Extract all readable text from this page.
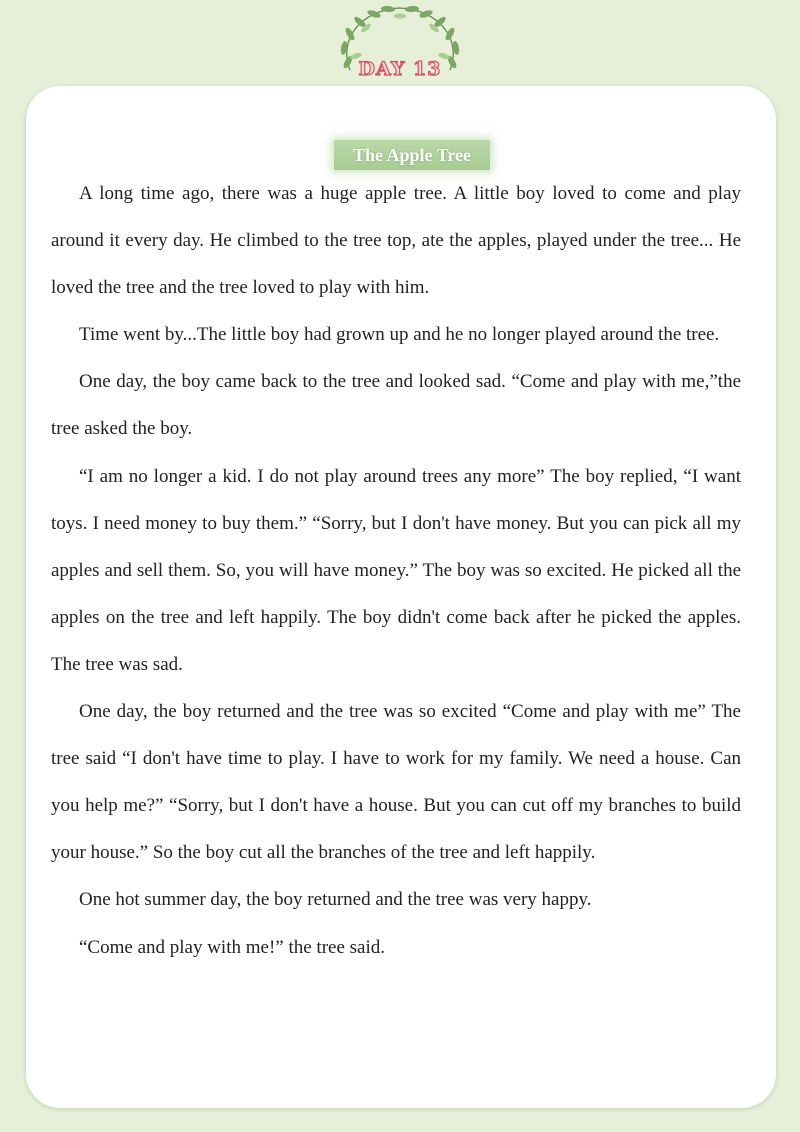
DAY 13
The Apple Tree

A long time ago, there was a huge apple tree. A little boy loved to come and play around it every day. He climbed to the tree top, ate the apples, played under the tree... He loved the tree and the tree loved to play with him.

Time went by...The little boy had grown up and he no longer played around the tree.

One day, the boy came back to the tree and looked sad. “Come and play with me,”the tree asked the boy.

“I am no longer a kid. I do not play around trees any more” The boy replied, “I want toys. I need money to buy them.” “Sorry, but I don't have money. But you can pick all my apples and sell them. So, you will have money.” The boy was so excited. He picked all the apples on the tree and left happily. The boy didn't come back after he picked the apples. The tree was sad.

One day, the boy returned and the tree was so excited “Come and play with me” The tree said “I don't have time to play. I have to work for my family. We need a house. Can you help me?” “Sorry, but I don't have a house. But you can cut off my branches to build your house.” So the boy cut all the branches of the tree and left happily.

One hot summer day, the boy returned and the tree was very happy.

“Come and play with me!” the tree said.
